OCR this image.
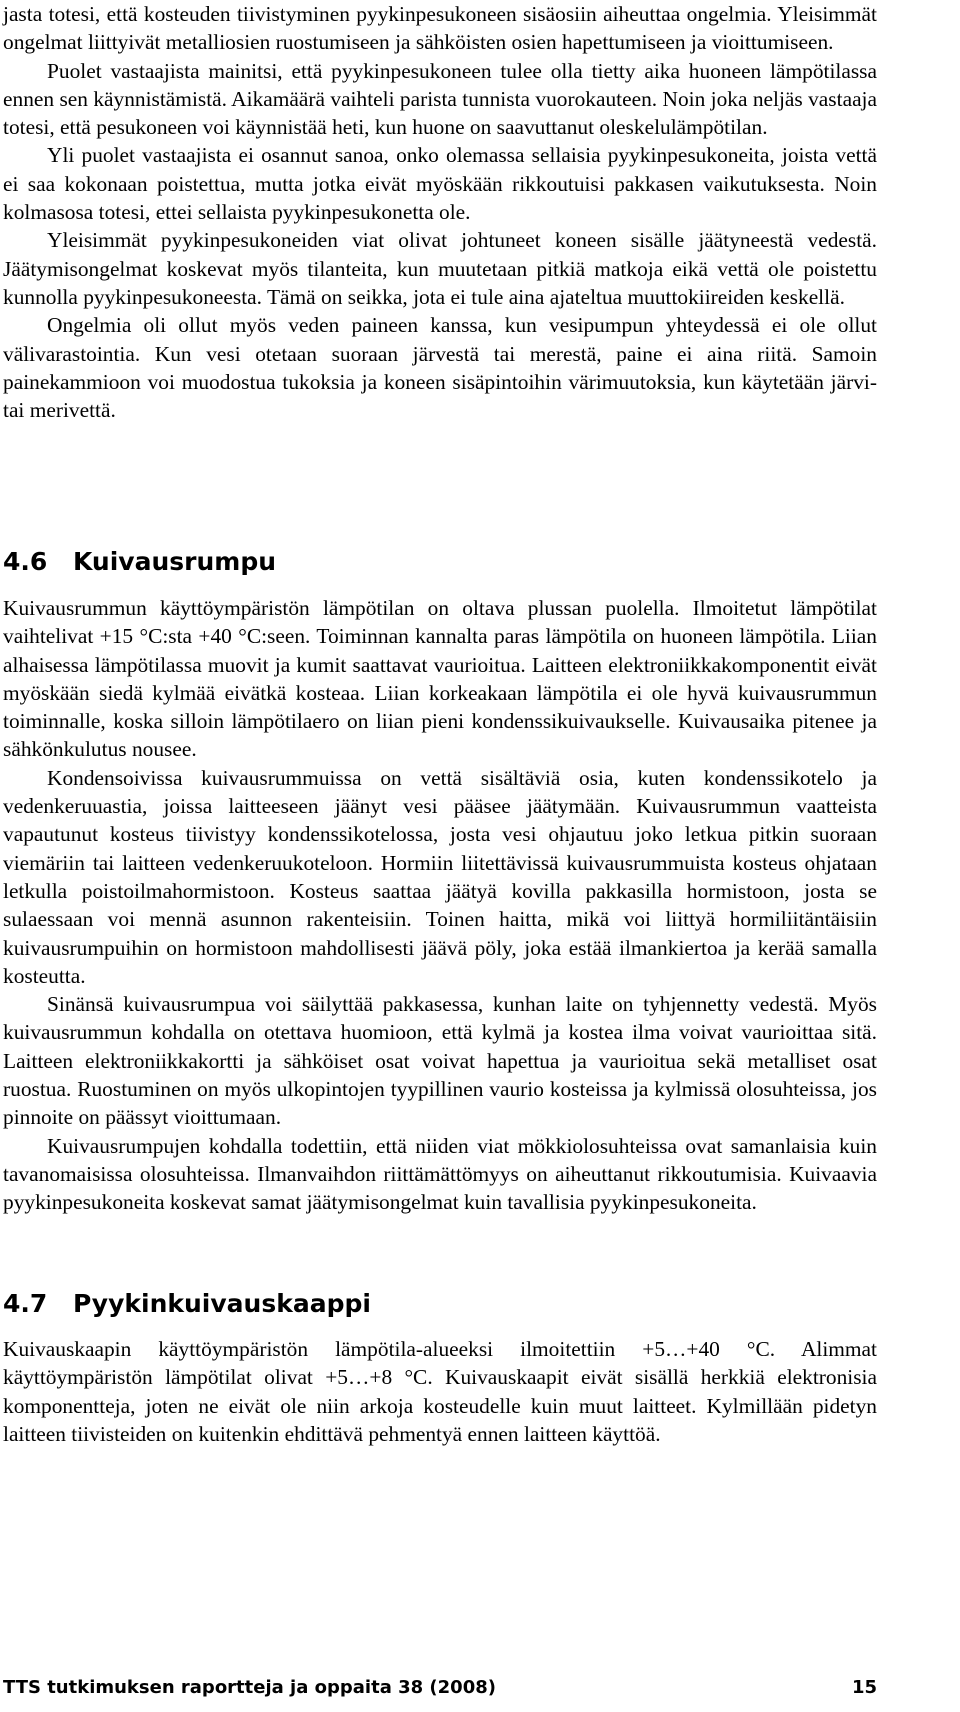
jasta totesi, että kosteuden tiivistyminen pyykinpesukoneen sisäosiin aiheuttaa ongelmia. Yleisimmät ongelmat liittyivät metalliosien ruostumiseen ja sähköisten osien hapettumiseen ja vioittumiseen.

Puolet vastaajista mainitsi, että pyykinpesukoneen tulee olla tietty aika huoneen lämpötilassa ennen sen käynnistämistä. Aikamäärä vaihteli parista tunnista vuorokauteen. Noin joka neljäs vastaaja totesi, että pesukoneen voi käynnistää heti, kun huone on saavuttanut oleskelulämpötilan.

Yli puolet vastaajista ei osannut sanoa, onko olemassa sellaisia pyykinpesukoneita, joista vettä ei saa kokonaan poistettua, mutta jotka eivät myöskään rikkoutuisi pakkasen vaikutuksesta. Noin kolmasosa totesi, ettei sellaista pyykinpesukonetta ole.

Yleisimmät pyykinpesukoneiden viat olivat johtuneet koneen sisälle jäätyneestä vedestä. Jäätymisongelmat koskevat myös tilanteita, kun muutetaan pitkiä matkoja eikä vettä ole poistettu kunnolla pyykinpesukoneesta. Tämä on seikka, jota ei tule aina ajateltua muuttokiireiden keskellä.

Ongelmia oli ollut myös veden paineen kanssa, kun vesipumpun yhteydessä ei ole ollut välivarastointia. Kun vesi otetaan suoraan järvestä tai merestä, paine ei aina riitä. Samoin painekammioon voi muodostua tukoksia ja koneen sisäpintoihin värimuutoksia, kun käytetään järvi- tai merivettä.

4.6 Kuivausrumpu

Kuivausrummun käyttöympäristön lämpötilan on oltava plussan puolella. Ilmoitetut lämpötilat vaihtelivat +15 °C:sta +40 °C:seen. Toiminnan kannalta paras lämpötila on huoneen lämpötila. Liian alhaisessa lämpötilassa muovit ja kumit saattavat vaurioitua. Laitteen elektroniikkakomponentit eivät myöskään siedä kylmää eivätkä kosteaa. Liian korkeakaan lämpötila ei ole hyvä kuivausrummun toiminnalle, koska silloin lämpötilaero on liian pieni kondenssikuivaukselle. Kuivausaika pitenee ja sähkönkulutus nousee.

Kondensoivissa kuivausrummuissa on vettä sisältäviä osia, kuten kondenssikotelo ja vedenkeruuastia, joissa laitteeseen jäänyt vesi pääsee jäätymään. Kuivausrummun vaatteista vapautunut kosteus tiivistyy kondenssikotelossa, josta vesi ohjautuu joko letkua pitkin suoraan viemäriin tai laitteen vedenkeruukoteloon. Hormiin liitettävissä kuivausrummuista kosteus ohjataan letkulla poistoilmahormistoon. Kosteus saattaa jäätyä kovilla pakkasilla hormistoon, josta se sulaessaan voi mennä asunnon rakenteisiin. Toinen haitta, mikä voi liittyä hormiliitäntäisiin kuivausrumpuihin on hormistoon mahdollisesti jäävä pöly, joka estää ilmankiertoa ja kerää samalla kosteutta.

Sinänsä kuivausrumpua voi säilyttää pakkasessa, kunhan laite on tyhjennetty vedestä. Myös kuivausrummun kohdalla on otettava huomioon, että kylmä ja kostea ilma voivat vaurioittaa sitä. Laitteen elektroniikkakortti ja sähköiset osat voivat hapettua ja vaurioitua sekä metalliset osat ruostua. Ruostuminen on myös ulkopintojen tyypillinen vaurio kosteissa ja kylmissä olosuhteissa, jos pinnoite on päässyt vioittumaan.

Kuivausrumpujen kohdalla todettiin, että niiden viat mökkiolosuhteissa ovat samanlaisia kuin tavanomaisissa olosuhteissa. Ilmanvaihdon riittämättömyys on aiheuttanut rikkoutumisia. Kuivaavia pyykinpesukoneita koskevat samat jäätymisongelmat kuin tavallisia pyykinpesukoneita.

4.7 Pyykinkuivauskaappi

Kuivauskaapin käyttöympäristön lämpötila-alueeksi ilmoitettiin +5…+40 °C. Alimmat käyttöympäristön lämpötilat olivat +5…+8 °C. Kuivauskaapit eivät sisällä herkkiä elektronisia komponentteja, joten ne eivät ole niin arkoja kosteudelle kuin muut laitteet. Kylmillään pidetyn laitteen tiivisteiden on kuitenkin ehdittävä pehmentyä ennen laitteen käyttöä.

TTS tutkimuksen raportteja ja oppaita 38 (2008)	15
